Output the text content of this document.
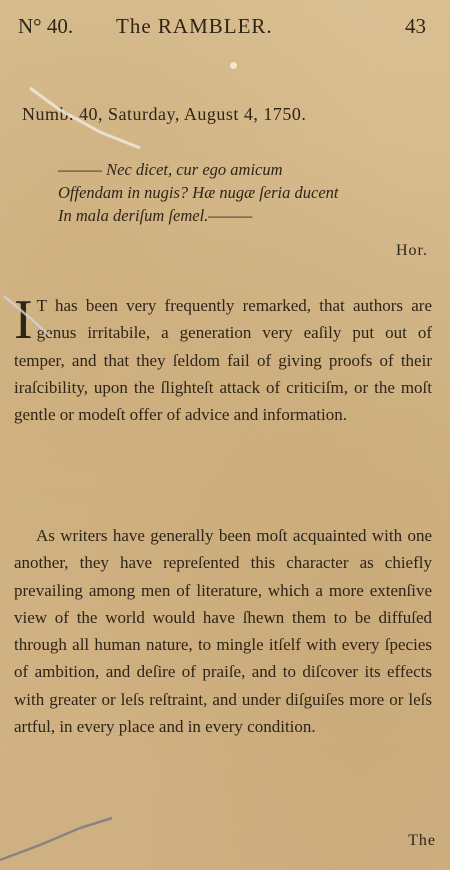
N° 40. The RAMBLER.	43
Numb. 40, Saturday, August 4, 1750.
——— Nec dicet, cur ego amicum
Offendam in nugis? Hæ nugæ ſeria ducent
In mala deriſum ſemel.———
Hor.
I T has been very frequently remarked, that authors are genus irritabile, a generation very eaſily put out of temper, and that they ſeldom fail of giving proofs of their iraſcibility, upon the ſlighteſt attack of criticiſm, or the moſt gentle or modeſt offer of advice and information.
As writers have generally been moſt acquainted with one another, they have repreſented this character as chiefly prevailing among men of literature, which a more extenſive view of the world would have ſhewn them to be diffuſed through all human nature, to mingle itſelf with every ſpecies of ambition, and deſire of praiſe, and to diſcover its effects with greater or leſs reſtraint, and under diſguiſes more or leſs artful, in every place and in every condition.
The
